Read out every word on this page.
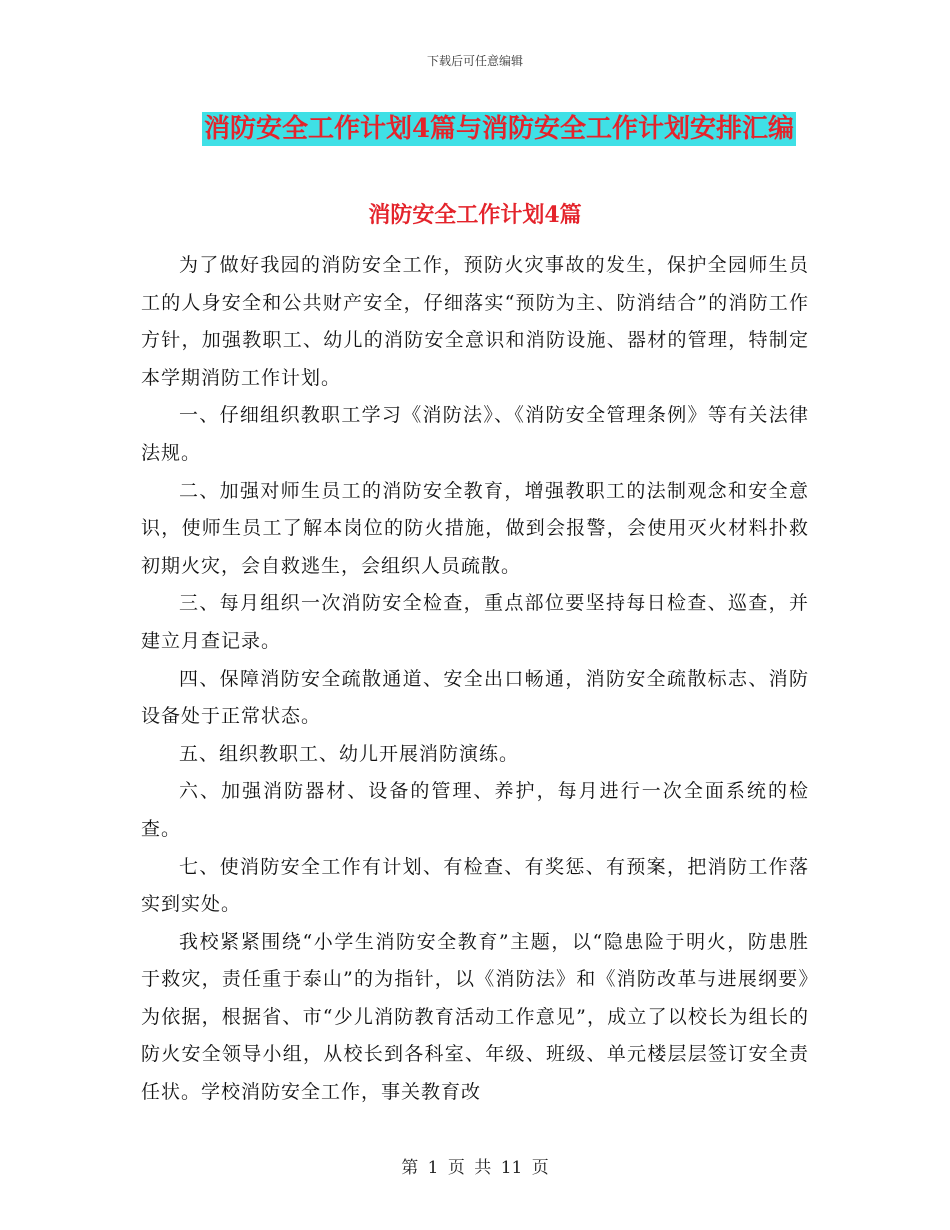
下载后可任意编辑
消防安全工作计划4篇与消防安全工作计划安排汇编
消防安全工作计划4篇

为了做好我园的消防安全工作，预防火灾事故的发生，保护全园师生员工的人身安全和公共财产安全，仔细落实“预防为主、防消结合”的消防工作方针，加强教职工、幼儿的消防安全意识和消防设施、器材的管理，特制定本学期消防工作计划。

一、仔细组织教职工学习《消防法》、《消防安全管理条例》等有关法律法规。

二、加强对师生员工的消防安全教育，增强教职工的法制观念和安全意识，使师生员工了解本岗位的防火措施，做到会报警，会使用灭火材料扑救初期火灾，会自救逃生，会组织人员疏散。

三、每月组织一次消防安全检查，重点部位要坚持每日检查、巡查，并建立月查记录。

四、保障消防安全疏散通道、安全出口畅通，消防安全疏散标志、消防设备处于正常状态。

五、组织教职工、幼儿开展消防演练。

六、加强消防器材、设备的管理、养护，每月进行一次全面系统的检查。

七、使消防安全工作有计划、有检查、有奖惩、有预案，把消防工作落实到实处。

我校紧紧围绕“小学生消防安全教育”主题，以“隐患险于明火，防患胜于救灾，责任重于泰山”的为指针，以《消防法》和《消防改革与进展纲要》为依据，根据省、市“少儿消防教育活动工作意见”，成立了以校长为组长的防火安全领导小组，从校长到各科室、年级、班级、单元楼层层签订安全责任状。学校消防安全工作，事关教育改

第 1 页 共 11 页
